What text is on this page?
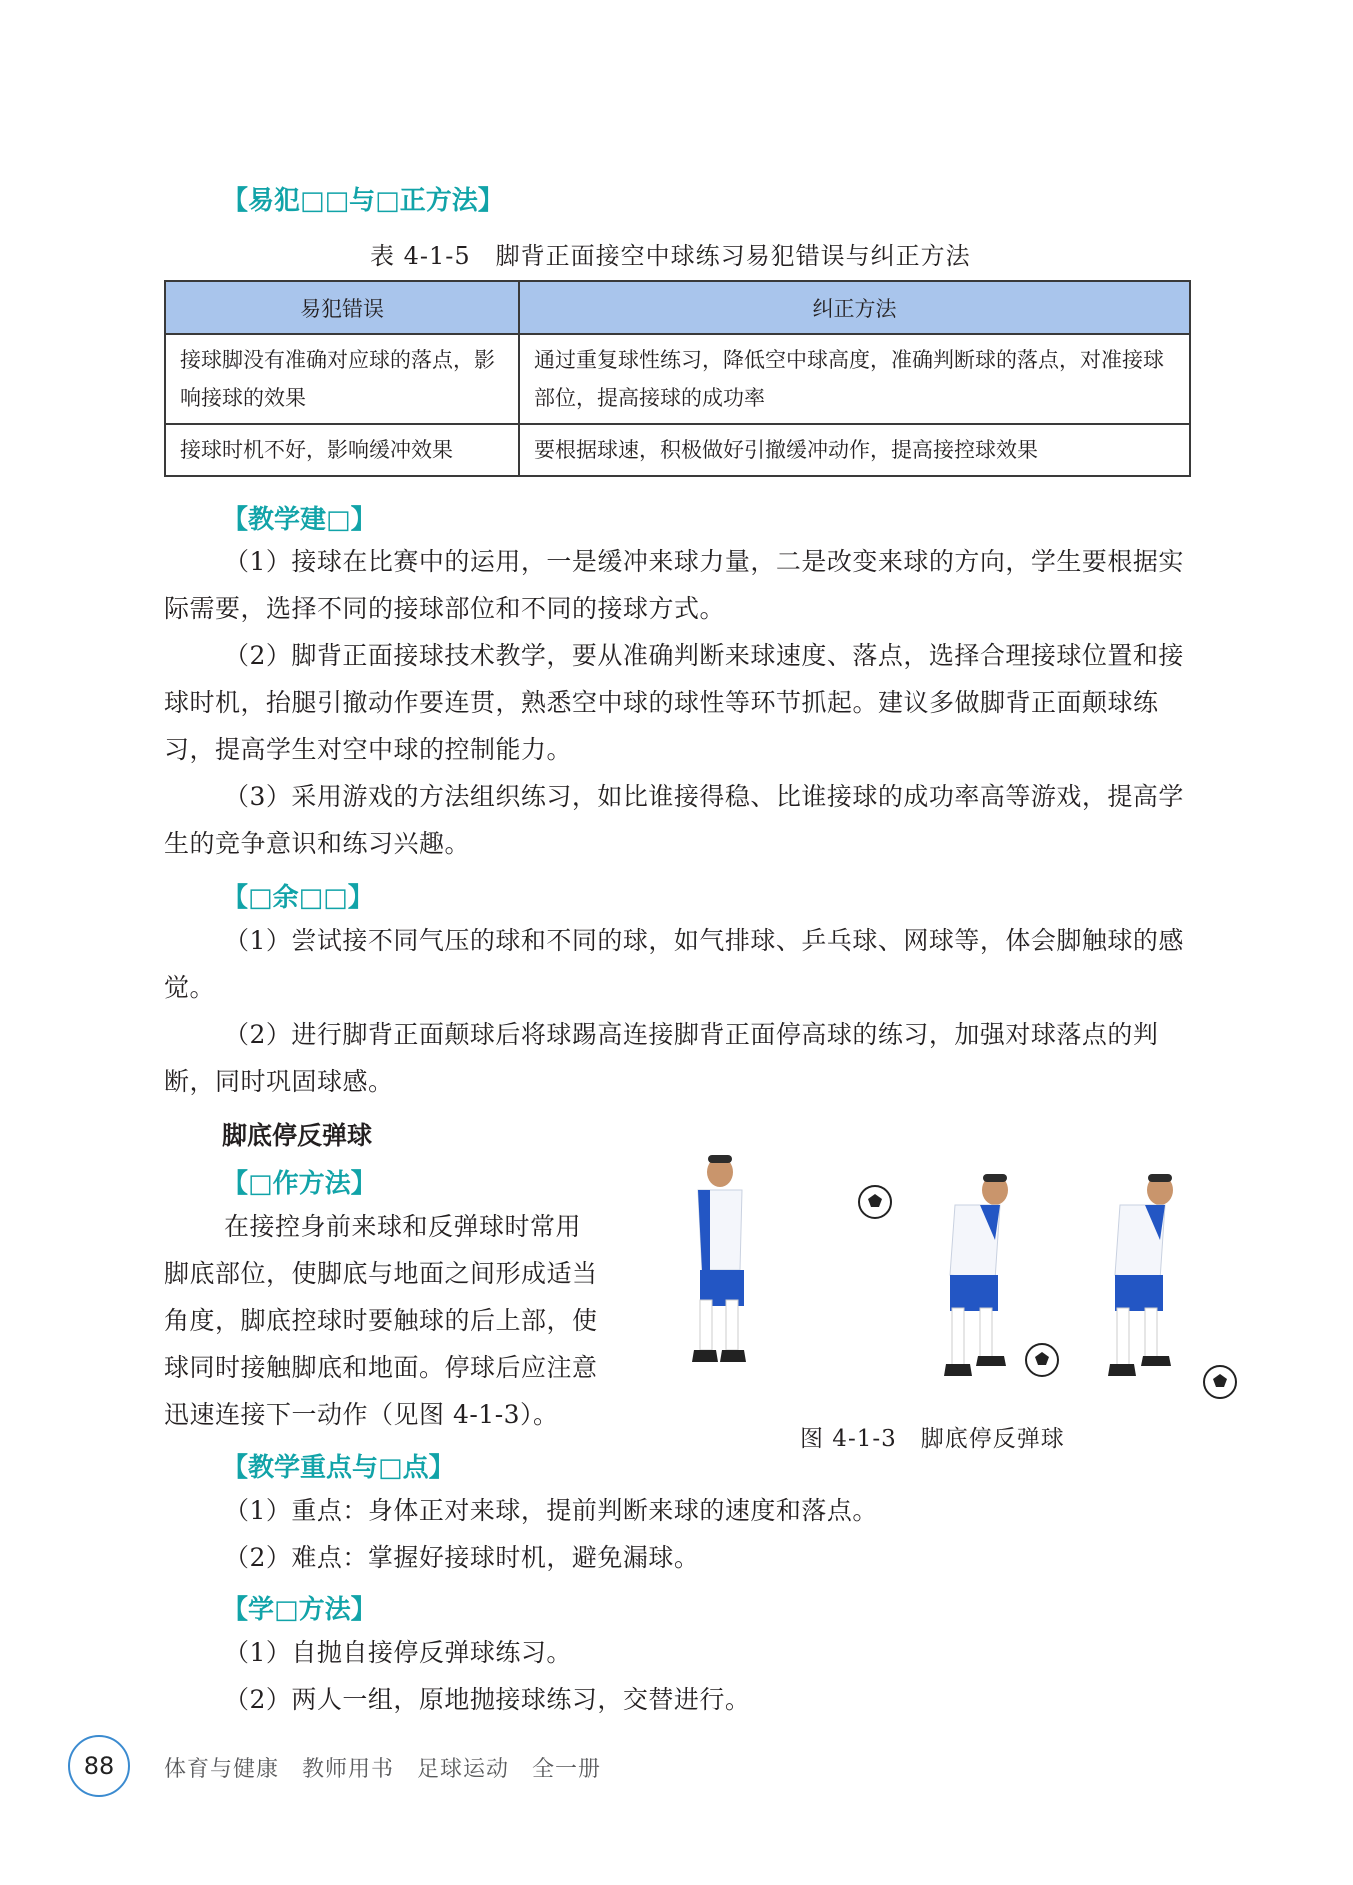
【易犯□□与□正方法】
表 4-1-5　脚背正面接空中球练习易犯错误与纠正方法
易犯错误	纠正方法
接球脚没有准确对应球的落点，影响接球的效果	通过重复球性练习，降低空中球高度，准确判断球的落点，对准接球部位，提高接球的成功率
接球时机不好，影响缓冲效果	要根据球速，积极做好引撤缓冲动作，提高接控球效果
【教学建□】

（1）接球在比赛中的运用，一是缓冲来球力量，二是改变来球的方向，学生要根据实际需要，选择不同的接球部位和不同的接球方式。

（2）脚背正面接球技术教学，要从准确判断来球速度、落点，选择合理接球位置和接球时机，抬腿引撤动作要连贯，熟悉空中球的球性等环节抓起。建议多做脚背正面颠球练习，提高学生对空中球的控制能力。

（3）采用游戏的方法组织练习，如比谁接得稳、比谁接球的成功率高等游戏，提高学生的竞争意识和练习兴趣。

【□余□□】

（1）尝试接不同气压的球和不同的球，如气排球、乒乓球、网球等，体会脚触球的感觉。

（2）进行脚背正面颠球后将球踢高连接脚背正面停高球的练习，加强对球落点的判断，同时巩固球感。

脚底停反弹球
【□作方法】

在接控身前来球和反弹球时常用脚底部位，使脚底与地面之间形成适当角度，脚底控球时要触球的后上部，使球同时接触脚底和地面。停球后应注意迅速连接下一动作（见图 4-1-3）。

图 4-1-3　脚底停反弹球
【教学重点与□点】

（1）重点：身体正对来球，提前判断来球的速度和落点。

（2）难点：掌握好接球时机，避免漏球。

【学□方法】

（1）自抛自接停反弹球练习。

（2）两人一组，原地抛接球练习，交替进行。

88	体育与健康　教师用书　足球运动　全一册
